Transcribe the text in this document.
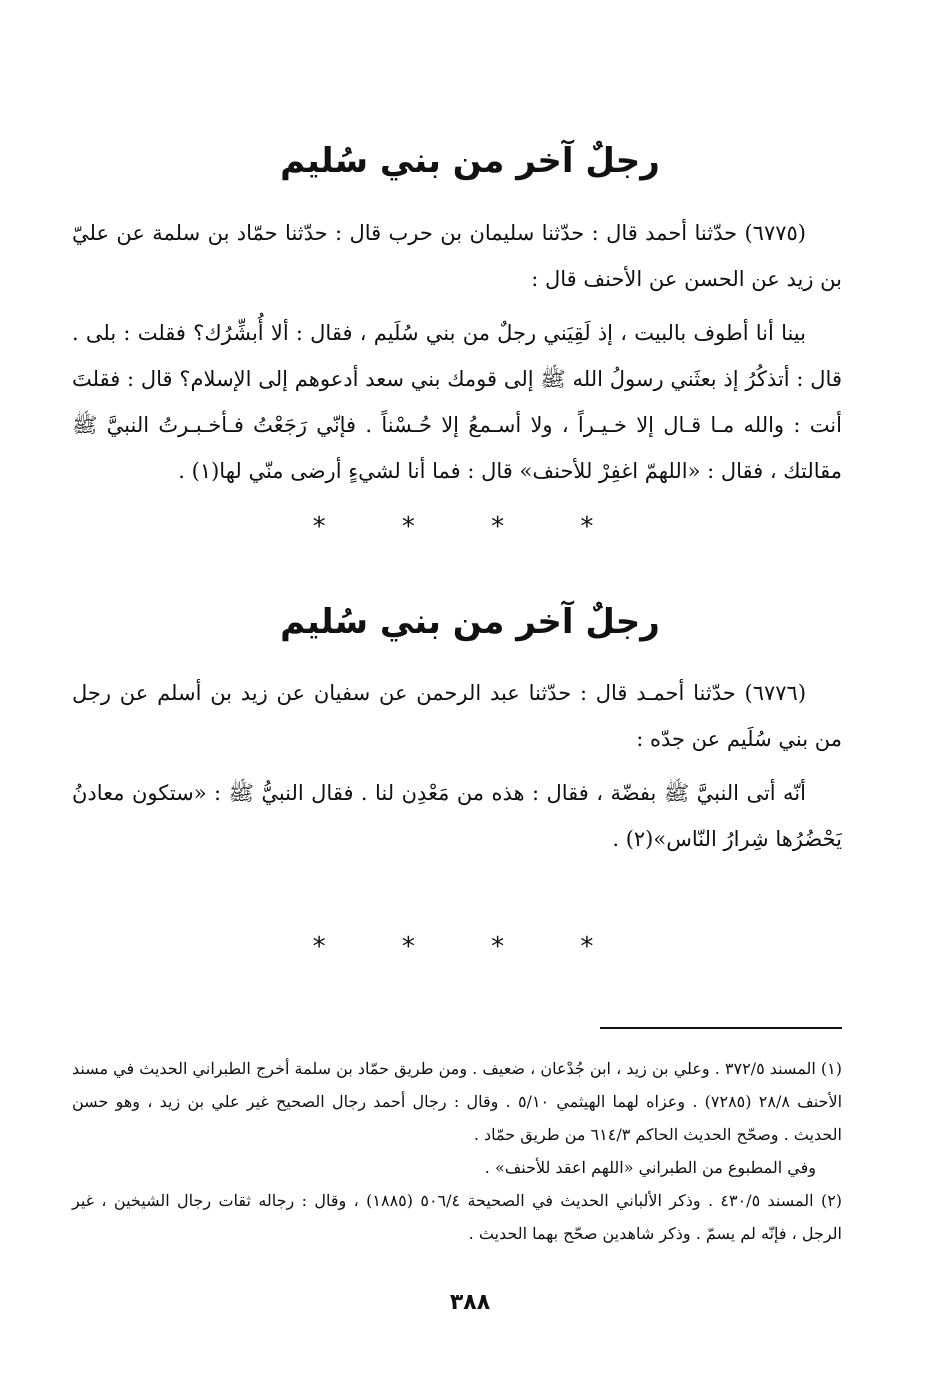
رجلٌ آخر من بني سُليم

(٦٧٧٥) حدّثنا أحمد قال : حدّثنا سليمان بن حرب قال : حدّثنا حمّاد بن سلمة عن عليّ بن زيد عن الحسن عن الأحنف قال :

بينا أنا أطوف بالبيت ، إذ لَقِيَني رجلٌ من بني سُلَيم ، فقال : ألا أُبشِّرُك؟ فقلت : بلى . قال : أتذكُرُ إذ بعثَني رسولُ الله ﷺ إلى قومك بني سعد أدعوهم إلى الإسلام؟ قال : فقلتَ أنت : والله مـا قـال إلا خـيـراً ، ولا أسـمعُ إلا حُـسْناً . فإنّي رَجَعْتُ فـأخـبـرتُ النبيَّ ﷺ مقالتك ، فقال : «اللهمّ اغفِرْ للأحنف» قال : فما أنا لشيءٍ أرضى منّي لها(١) .

* * * *
رجلٌ آخر من بني سُليم

(٦٧٧٦) حدّثنا أحمـد قال : حدّثنا عبد الرحمن عن سفيان عن زيد بن أسلم عن رجل من بني سُلَيم عن جدّه :

أنّه أتى النبيَّ ﷺ بفضّة ، فقال : هذه من مَعْدِن لنا . فقال النبيُّ ﷺ : «ستكون معادنُ يَحْضُرُها شِرارُ النّاس»(٢) .

* * * *

(١) المسند ٣٧٢/٥ . وعلي بن زيد ، ابن جُدْعان ، ضعيف . ومن طريق حمّاد بن سلمة أخرج الطبراني الحديث في مسند الأحنف ٢٨/٨ (٧٢٨٥) . وعزاه لهما الهيثمي ٥/١٠ . وقال : رجال أحمد رجال الصحيح غير علي بن زيد ، وهو حسن الحديث . وصحّح الحديث الحاكم ٦١٤/٣ من طريق حمّاد .

وفي المطبوع من الطبراني «اللهم اعقد للأحنف» .

(٢) المسند ٤٣٠/٥ . وذكر الألباني الحديث في الصحيحة ٥٠٦/٤ (١٨٨٥) ، وقال : رجاله ثقات رجال الشيخين ، غير الرجل ، فإنّه لم يسمّ . وذكر شاهدين صحّح بهما الحديث .

٣٨٨
